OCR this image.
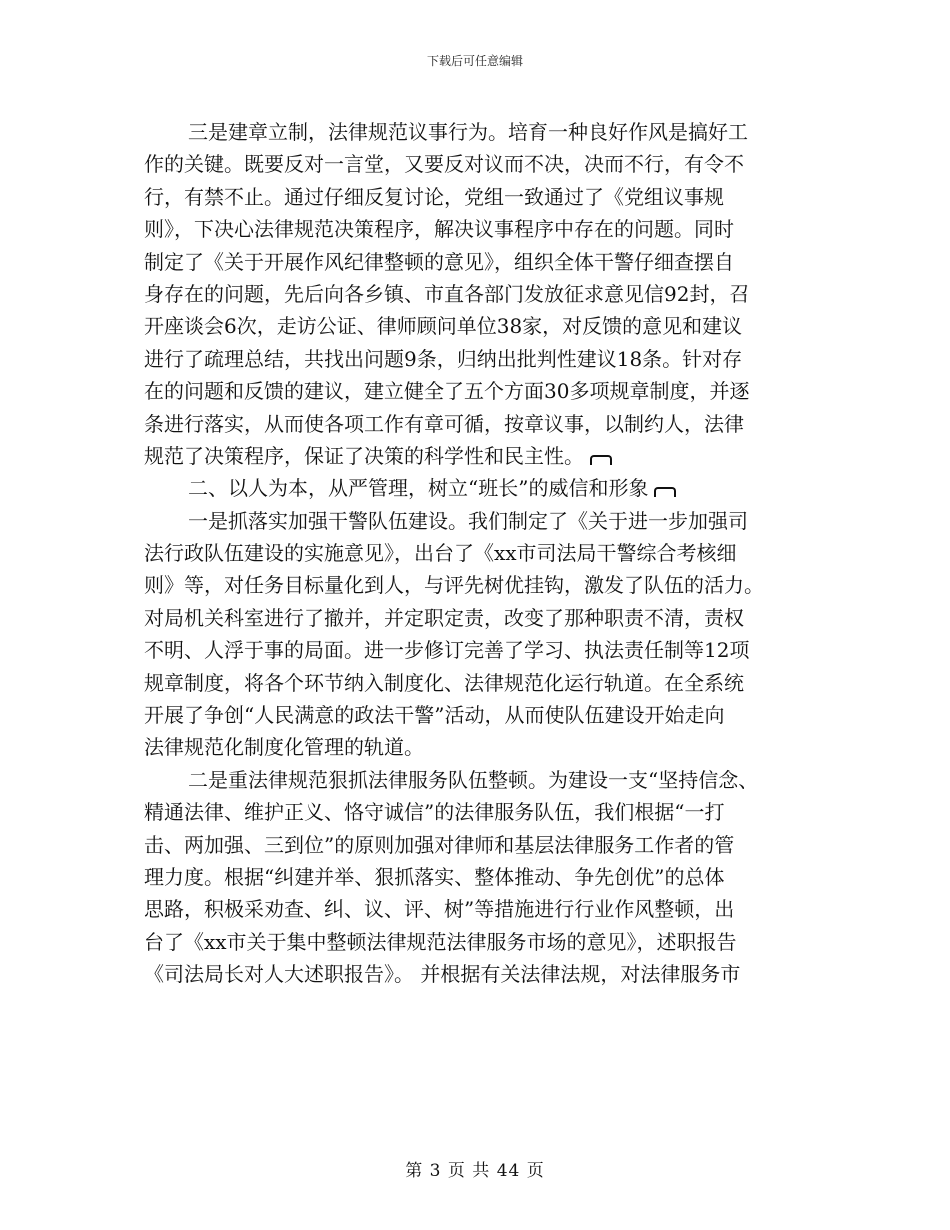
下载后可任意编辑
三是建章立制，法律规范议事行为。培育一种良好作风是搞好工
作的关键。既要反对一言堂，又要反对议而不决，决而不行，有令不
行，有禁不止。通过仔细反复讨论，党组一致通过了《党组议事规
则》，下决心法律规范决策程序，解决议事程序中存在的问题。同时
制定了《关于开展作风纪律整顿的意见》，组织全体干警仔细查摆自
身存在的问题，先后向各乡镇、市直各部门发放征求意见信92封，召
开座谈会6次，走访公证、律师顾问单位38家，对反馈的意见和建议
进行了疏理总结，共找出问题9条，归纳出批判性建议18条。针对存
在的问题和反馈的建议，建立健全了五个方面30多项规章制度，并逐
条进行落实，从而使各项工作有章可循，按章议事，以制约人，法律
规范了决策程序，保证了决策的科学性和民主性。
二、以人为本，从严管理，树立“班长”的威信和形象
一是抓落实加强干警队伍建设。我们制定了《关于进一步加强司
法行政队伍建设的实施意见》，出台了《xx市司法局干警综合考核细
则》等，对任务目标量化到人，与评先树优挂钩，激发了队伍的活力。
对局机关科室进行了撤并，并定职定责，改变了那种职责不清，责权
不明、人浮于事的局面。进一步修订完善了学习、执法责任制等12项
规章制度，将各个环节纳入制度化、法律规范化运行轨道。在全系统
开展了争创“人民满意的政法干警”活动，从而使队伍建设开始走向
法律规范化制度化管理的轨道。
二是重法律规范狠抓法律服务队伍整顿。为建设一支“坚持信念、
精通法律、维护正义、恪守诚信”的法律服务队伍，我们根据“一打
击、两加强、三到位”的原则加强对律师和基层法律服务工作者的管
理力度。根据“纠建并举、狠抓落实、整体推动、争先创优”的总体
思路，积极采劝查、纠、议、评、树”等措施进行行业作风整顿，出
台了《xx市关于集中整顿法律规范法律服务市场的意见》，述职报告
《司法局长对人大述职报告》。 并根据有关法律法规，对法律服务市
第 3 页 共 44 页
